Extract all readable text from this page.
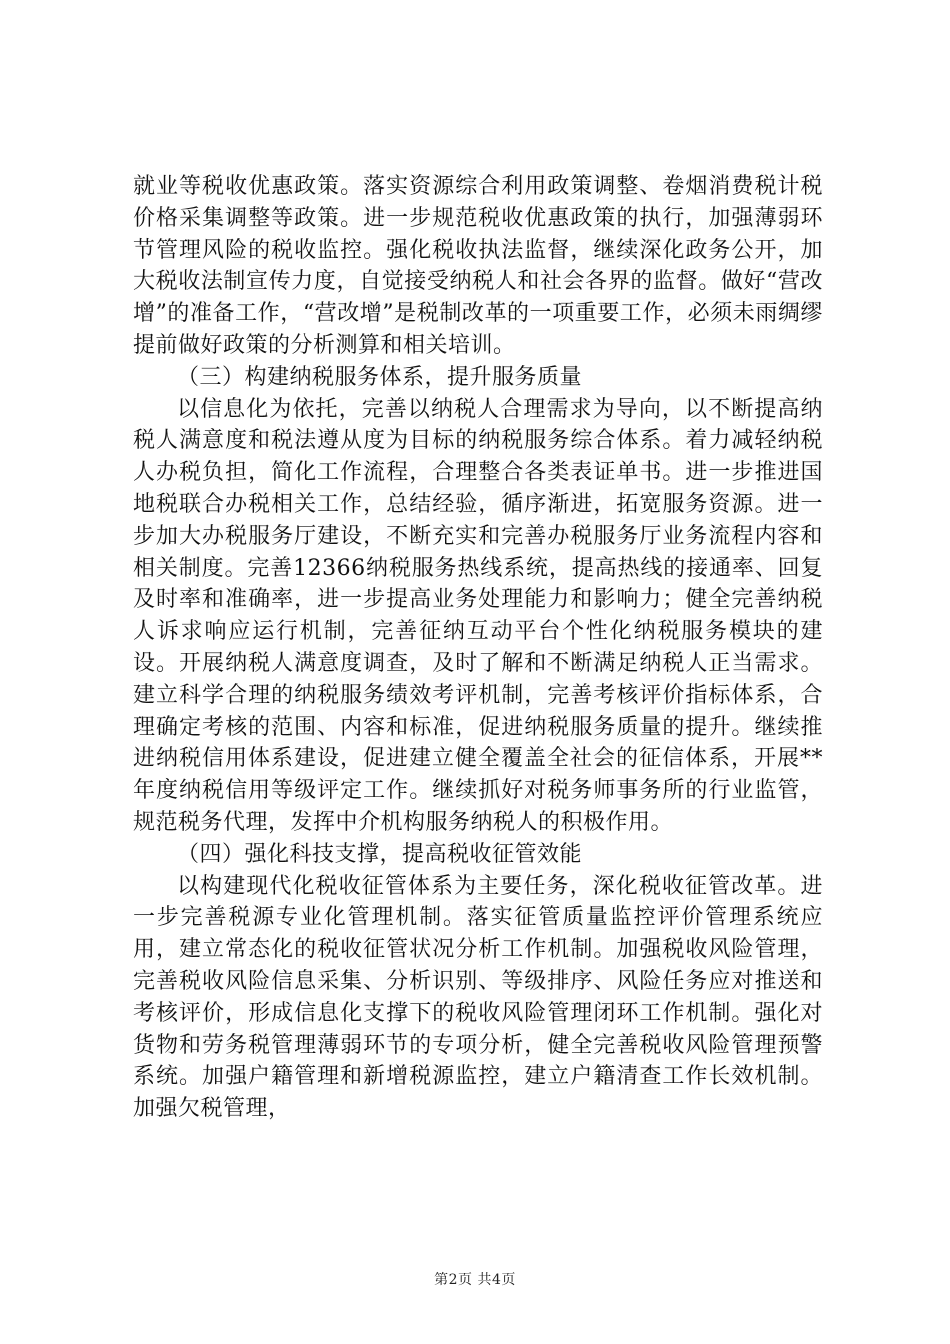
就业等税收优惠政策。落实资源综合利用政策调整、卷烟消费税计税价格采集调整等政策。进一步规范税收优惠政策的执行，加强薄弱环节管理风险的税收监控。强化税收执法监督，继续深化政务公开，加大税收法制宣传力度，自觉接受纳税人和社会各界的监督。做好“营改增”的准备工作，“营改增”是税制改革的一项重要工作，必须未雨绸缪提前做好政策的分析测算和相关培训。

（三）构建纳税服务体系，提升服务质量

以信息化为依托，完善以纳税人合理需求为导向，以不断提高纳税人满意度和税法遵从度为目标的纳税服务综合体系。着力减轻纳税人办税负担，简化工作流程，合理整合各类表证单书。进一步推进国地税联合办税相关工作，总结经验，循序渐进，拓宽服务资源。进一步加大办税服务厅建设，不断充实和完善办税服务厅业务流程内容和相关制度。完善12366纳税服务热线系统，提高热线的接通率、回复及时率和准确率，进一步提高业务处理能力和影响力；健全完善纳税人诉求响应运行机制，完善征纳互动平台个性化纳税服务模块的建设。开展纳税人满意度调查，及时了解和不断满足纳税人正当需求。建立科学合理的纳税服务绩效考评机制，完善考核评价指标体系，合理确定考核的范围、内容和标准，促进纳税服务质量的提升。继续推进纳税信用体系建设，促进建立健全覆盖全社会的征信体系，开展**年度纳税信用等级评定工作。继续抓好对税务师事务所的行业监管，规范税务代理，发挥中介机构服务纳税人的积极作用。

（四）强化科技支撑，提高税收征管效能

以构建现代化税收征管体系为主要任务，深化税收征管改革。进一步完善税源专业化管理机制。落实征管质量监控评价管理系统应用，建立常态化的税收征管状况分析工作机制。加强税收风险管理，完善税收风险信息采集、分析识别、等级排序、风险任务应对推送和考核评价，形成信息化支撑下的税收风险管理闭环工作机制。强化对货物和劳务税管理薄弱环节的专项分析，健全完善税收风险管理预警系统。加强户籍管理和新增税源监控，建立户籍清查工作长效机制。加强欠税管理，

第2页 共4页
